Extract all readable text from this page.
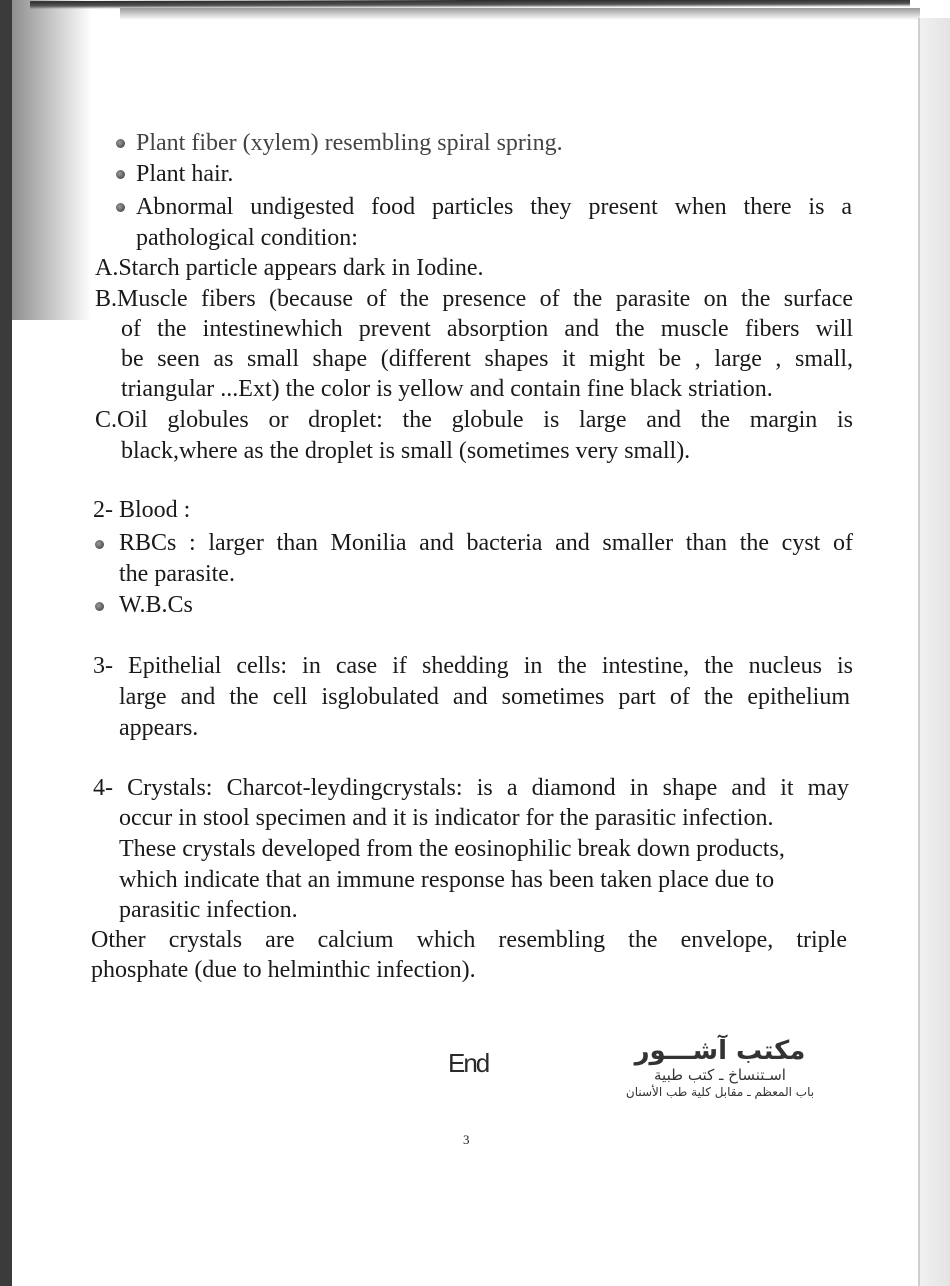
Plant fiber (xylem) resembling spiral spring.
Plant hair.
Abnormal undigested food particles they present when there is a
pathological condition:
A.Starch particle appears dark in Iodine.
B.Muscle fibers (because of the presence of the parasite on the surface
of the intestinewhich prevent absorption and the muscle fibers will
be seen as small shape (different shapes it might be , large , small,
triangular ...Ext) the color is yellow and contain fine black striation.
C.Oil globules or droplet: the globule is large and the margin is
black,where as the droplet is small (sometimes very small).
2- Blood :
RBCs : larger than Monilia and bacteria and smaller than the cyst of
the parasite.
W.B.Cs
3- Epithelial cells: in case if shedding in the intestine, the nucleus is
large and the cell isglobulated and sometimes part of the epithelium
appears.
4- Crystals: Charcot-leydingcrystals: is a diamond in shape and it may
occur in stool specimen and it is indicator for the parasitic infection.
These crystals developed from the eosinophilic break down products,
which indicate that an immune response has been taken place due to
parasitic infection.
Other crystals are calcium which resembling the envelope, triple
phosphate (due to helminthic infection).
End	مكتب آشـــور
اسـتنساخ ـ كتب طبية
باب المعظم ـ مقابل كلية طب الأسنان
3
